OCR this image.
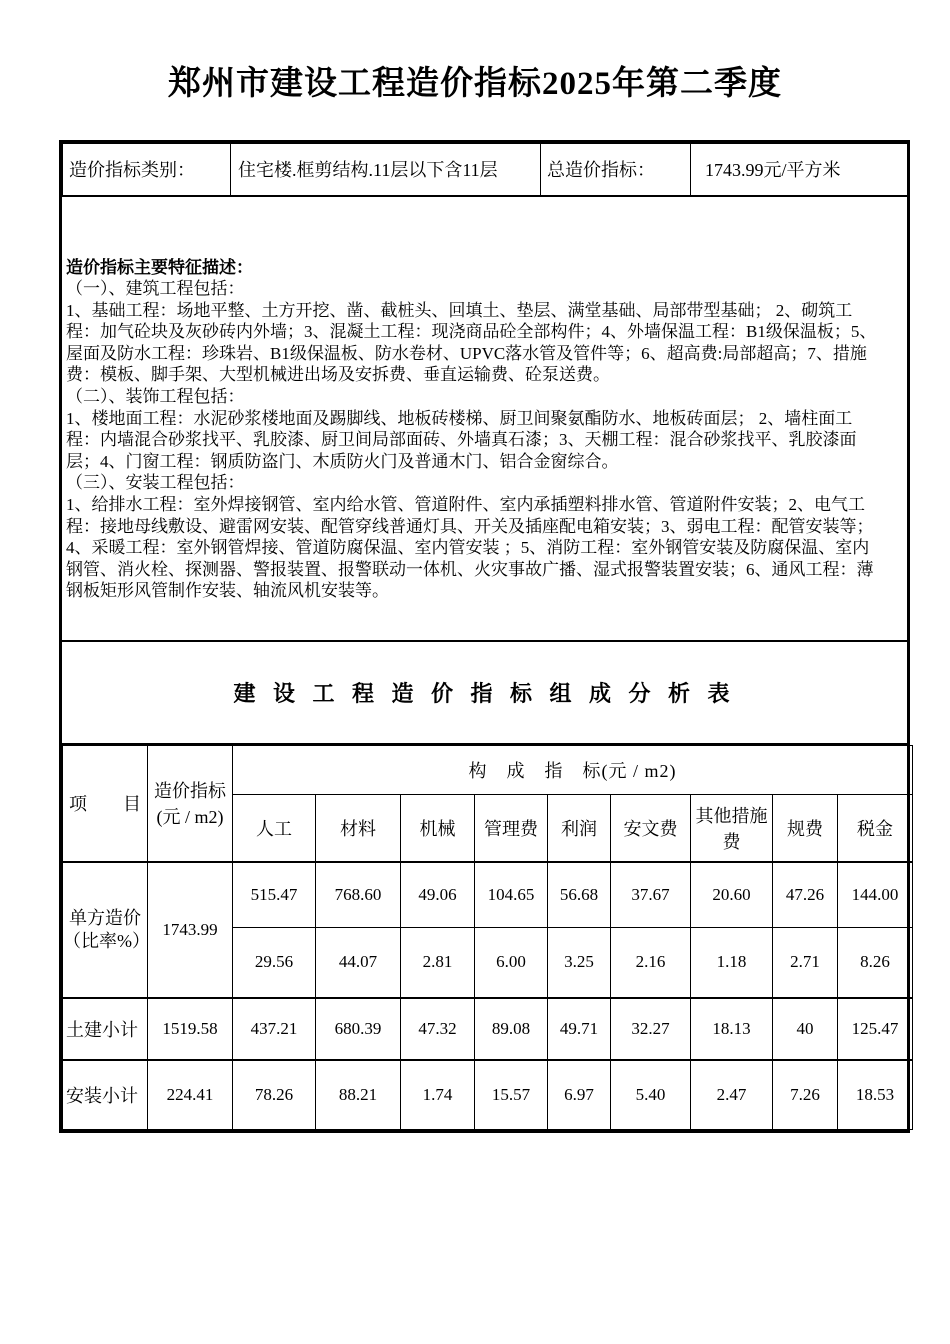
郑州市建设工程造价指标2025年第二季度
造价指标类别：	住宅楼.框剪结构.11层以下含11层	总造价指标：	1743.99元/平方米

造价指标主要特征描述：

（一）、建筑工程包括：

1、基础工程：场地平整、土方开挖、凿、截桩头、回填土、垫层、满堂基础、局部带型基础； 2、砌筑工程：加气砼块及灰砂砖内外墙；3、混凝土工程：现浇商品砼全部构件；4、外墙保温工程：B1级保温板；5、屋面及防水工程：珍珠岩、B1级保温板、防水卷材、UPVC落水管及管件等；6、超高费:局部超高；7、措施费：模板、脚手架、大型机械进出场及安拆费、垂直运输费、砼泵送费。

（二）、装饰工程包括：

1、楼地面工程：水泥砂浆楼地面及踢脚线、地板砖楼梯、厨卫间聚氨酯防水、地板砖面层； 2、墙柱面工程：内墙混合砂浆找平、乳胶漆、厨卫间局部面砖、外墙真石漆；3、天棚工程：混合砂浆找平、乳胶漆面层；4、门窗工程：钢质防盗门、木质防火门及普通木门、铝合金窗综合。

（三）、安装工程包括：

1、给排水工程：室外焊接钢管、室内给水管、管道附件、室内承插塑料排水管、管道附件安装；2、电气工程：接地母线敷设、避雷网安装、配管穿线普通灯具、开关及插座配电箱安装；3、弱电工程：配管安装等；4、采暖工程：室外钢管焊接、管道防腐保温、室内管安装 ；5、消防工程：室外钢管安装及防腐保温、室内钢管、消火栓、探测器、警报装置、报警联动一体机、火灾事故广播、湿式报警装置安装；6、通风工程：薄钢板矩形风管制作安装、轴流风机安装等。

建 设 工 程 造 价 指 标 组 成 分 析 表
项　　目	造价指标(元 / m2)	构　成　指　标(元 / m2)								
		人工	材料	机械	管理费	利润	安文费	其他措施费	规费	税金
单方造价（比率%）	1743.99	515.47	768.60	49.06	104.65	56.68	37.67	20.60	47.26	144.00
		29.56	44.07	2.81	6.00	3.25	2.16	1.18	2.71	8.26
土建小计	1519.58	437.21	680.39	47.32	89.08	49.71	32.27	18.13	40	125.47
安装小计	224.41	78.26	88.21	1.74	15.57	6.97	5.40	2.47	7.26	18.53
